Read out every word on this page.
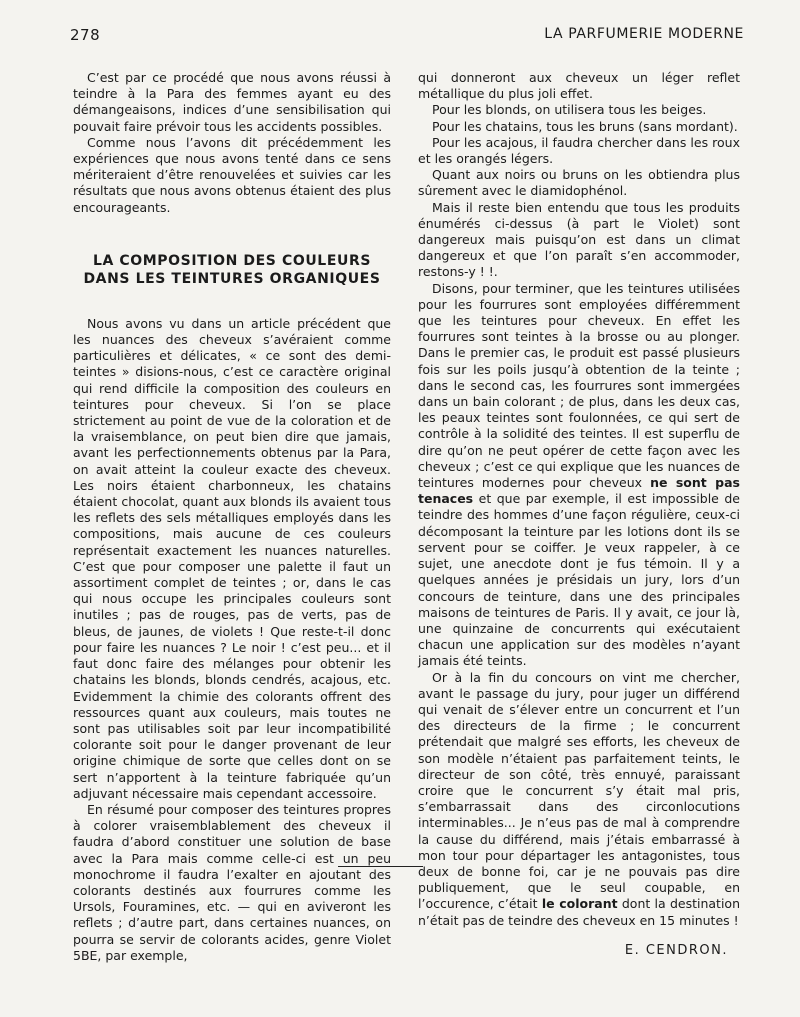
278	LA PARFUMERIE MODERNE

C’est par ce procédé que nous avons réussi à teindre à la Para des femmes ayant eu des démangeaisons, indices d’une sensibilisation qui pouvait faire prévoir tous les accidents possibles.

Comme nous l’avons dit précédemment les expériences que nous avons tenté dans ce sens mériteraient d’être renouvelées et suivies car les résultats que nous avons obtenus étaient des plus encourageants.

LA COMPOSITION DES COULEURS
DANS LES TEINTURES ORGANIQUES

Nous avons vu dans un article précédent que les nuances des cheveux s’avéraient comme particulières et délicates, « ce sont des demi-teintes » disions-nous, c’est ce caractère original qui rend difficile la composition des couleurs en teintures pour cheveux. Si l’on se place strictement au point de vue de la coloration et de la vraisemblance, on peut bien dire que jamais, avant les perfectionnements obtenus par la Para, on avait atteint la couleur exacte des cheveux. Les noirs étaient charbonneux, les chatains étaient chocolat, quant aux blonds ils avaient tous les reflets des sels métalliques employés dans les compositions, mais aucune de ces couleurs représentait exactement les nuances naturelles. C’est que pour composer une palette il faut un assortiment complet de teintes ; or, dans le cas qui nous occupe les principales couleurs sont inutiles ; pas de rouges, pas de verts, pas de bleus, de jaunes, de violets ! Que reste-t-il donc pour faire les nuances ? Le noir ! c’est peu... et il faut donc faire des mélanges pour obtenir les chatains les blonds, blonds cendrés, acajous, etc. Evidemment la chimie des colorants offrent des ressources quant aux couleurs, mais toutes ne sont pas utilisables soit par leur incompatibilité colorante soit pour le danger provenant de leur origine chimique de sorte que celles dont on se sert n’apportent à la teinture fabriquée qu’un adjuvant nécessaire mais cependant accessoire.

En résumé pour composer des teintures propres à colorer vraisemblablement des cheveux il faudra d’abord constituer une solution de base avec la Para mais comme celle-ci est un peu monochrome il faudra l’exalter en ajoutant des colorants destinés aux fourrures comme les Ursols, Fouramines, etc. — qui en aviveront les reflets ; d’autre part, dans certaines nuances, on pourra se servir de colorants acides, genre Violet 5BE, par exemple,

qui donneront aux cheveux un léger reflet métallique du plus joli effet.

Pour les blonds, on utilisera tous les beiges.

Pour les chatains, tous les bruns (sans mordant).

Pour les acajous, il faudra chercher dans les roux et les orangés légers.

Quant aux noirs ou bruns on les obtiendra plus sûrement avec le diamidophénol.

Mais il reste bien entendu que tous les produits énumérés ci-dessus (à part le Violet) sont dangereux mais puisqu’on est dans un climat dangereux et que l’on paraît s’en accommoder, restons-y ! !.

Disons, pour terminer, que les teintures utilisées pour les fourrures sont employées différemment que les teintures pour cheveux. En effet les fourrures sont teintes à la brosse ou au plonger. Dans le premier cas, le produit est passé plusieurs fois sur les poils jusqu’à obtention de la teinte ; dans le second cas, les fourrures sont immergées dans un bain colorant ; de plus, dans les deux cas, les peaux teintes sont foulonnées, ce qui sert de contrôle à la solidité des teintes. Il est superflu de dire qu’on ne peut opérer de cette façon avec les cheveux ; c’est ce qui explique que les nuances de teintures modernes pour cheveux ne sont pas tenaces et que par exemple, il est impossible de teindre des hommes d’une façon régulière, ceux-ci décomposant la teinture par les lotions dont ils se servent pour se coiffer. Je veux rappeler, à ce sujet, une anecdote dont je fus témoin. Il y a quelques années je présidais un jury, lors d’un concours de teinture, dans une des principales maisons de teintures de Paris. Il y avait, ce jour là, une quinzaine de concurrents qui exécutaient chacun une application sur des modèles n’ayant jamais été teints.

Or à la fin du concours on vint me chercher, avant le passage du jury, pour juger un différend qui venait de s’élever entre un concurrent et l’un des directeurs de la firme ; le concurrent prétendait que malgré ses efforts, les cheveux de son modèle n’étaient pas parfaitement teints, le directeur de son côté, très ennuyé, paraissant croire que le concurrent s’y était mal pris, s’embarrassait dans des circonlocutions interminables... Je n’eus pas de mal à comprendre la cause du différend, mais j’étais embarrassé à mon tour pour départager les antagonistes, tous deux de bonne foi, car je ne pouvais pas dire publiquement, que le seul coupable, en l’occurence, c’était le colorant dont la destination n’était pas de teindre des cheveux en 15 minutes !

E. CENDRON.
